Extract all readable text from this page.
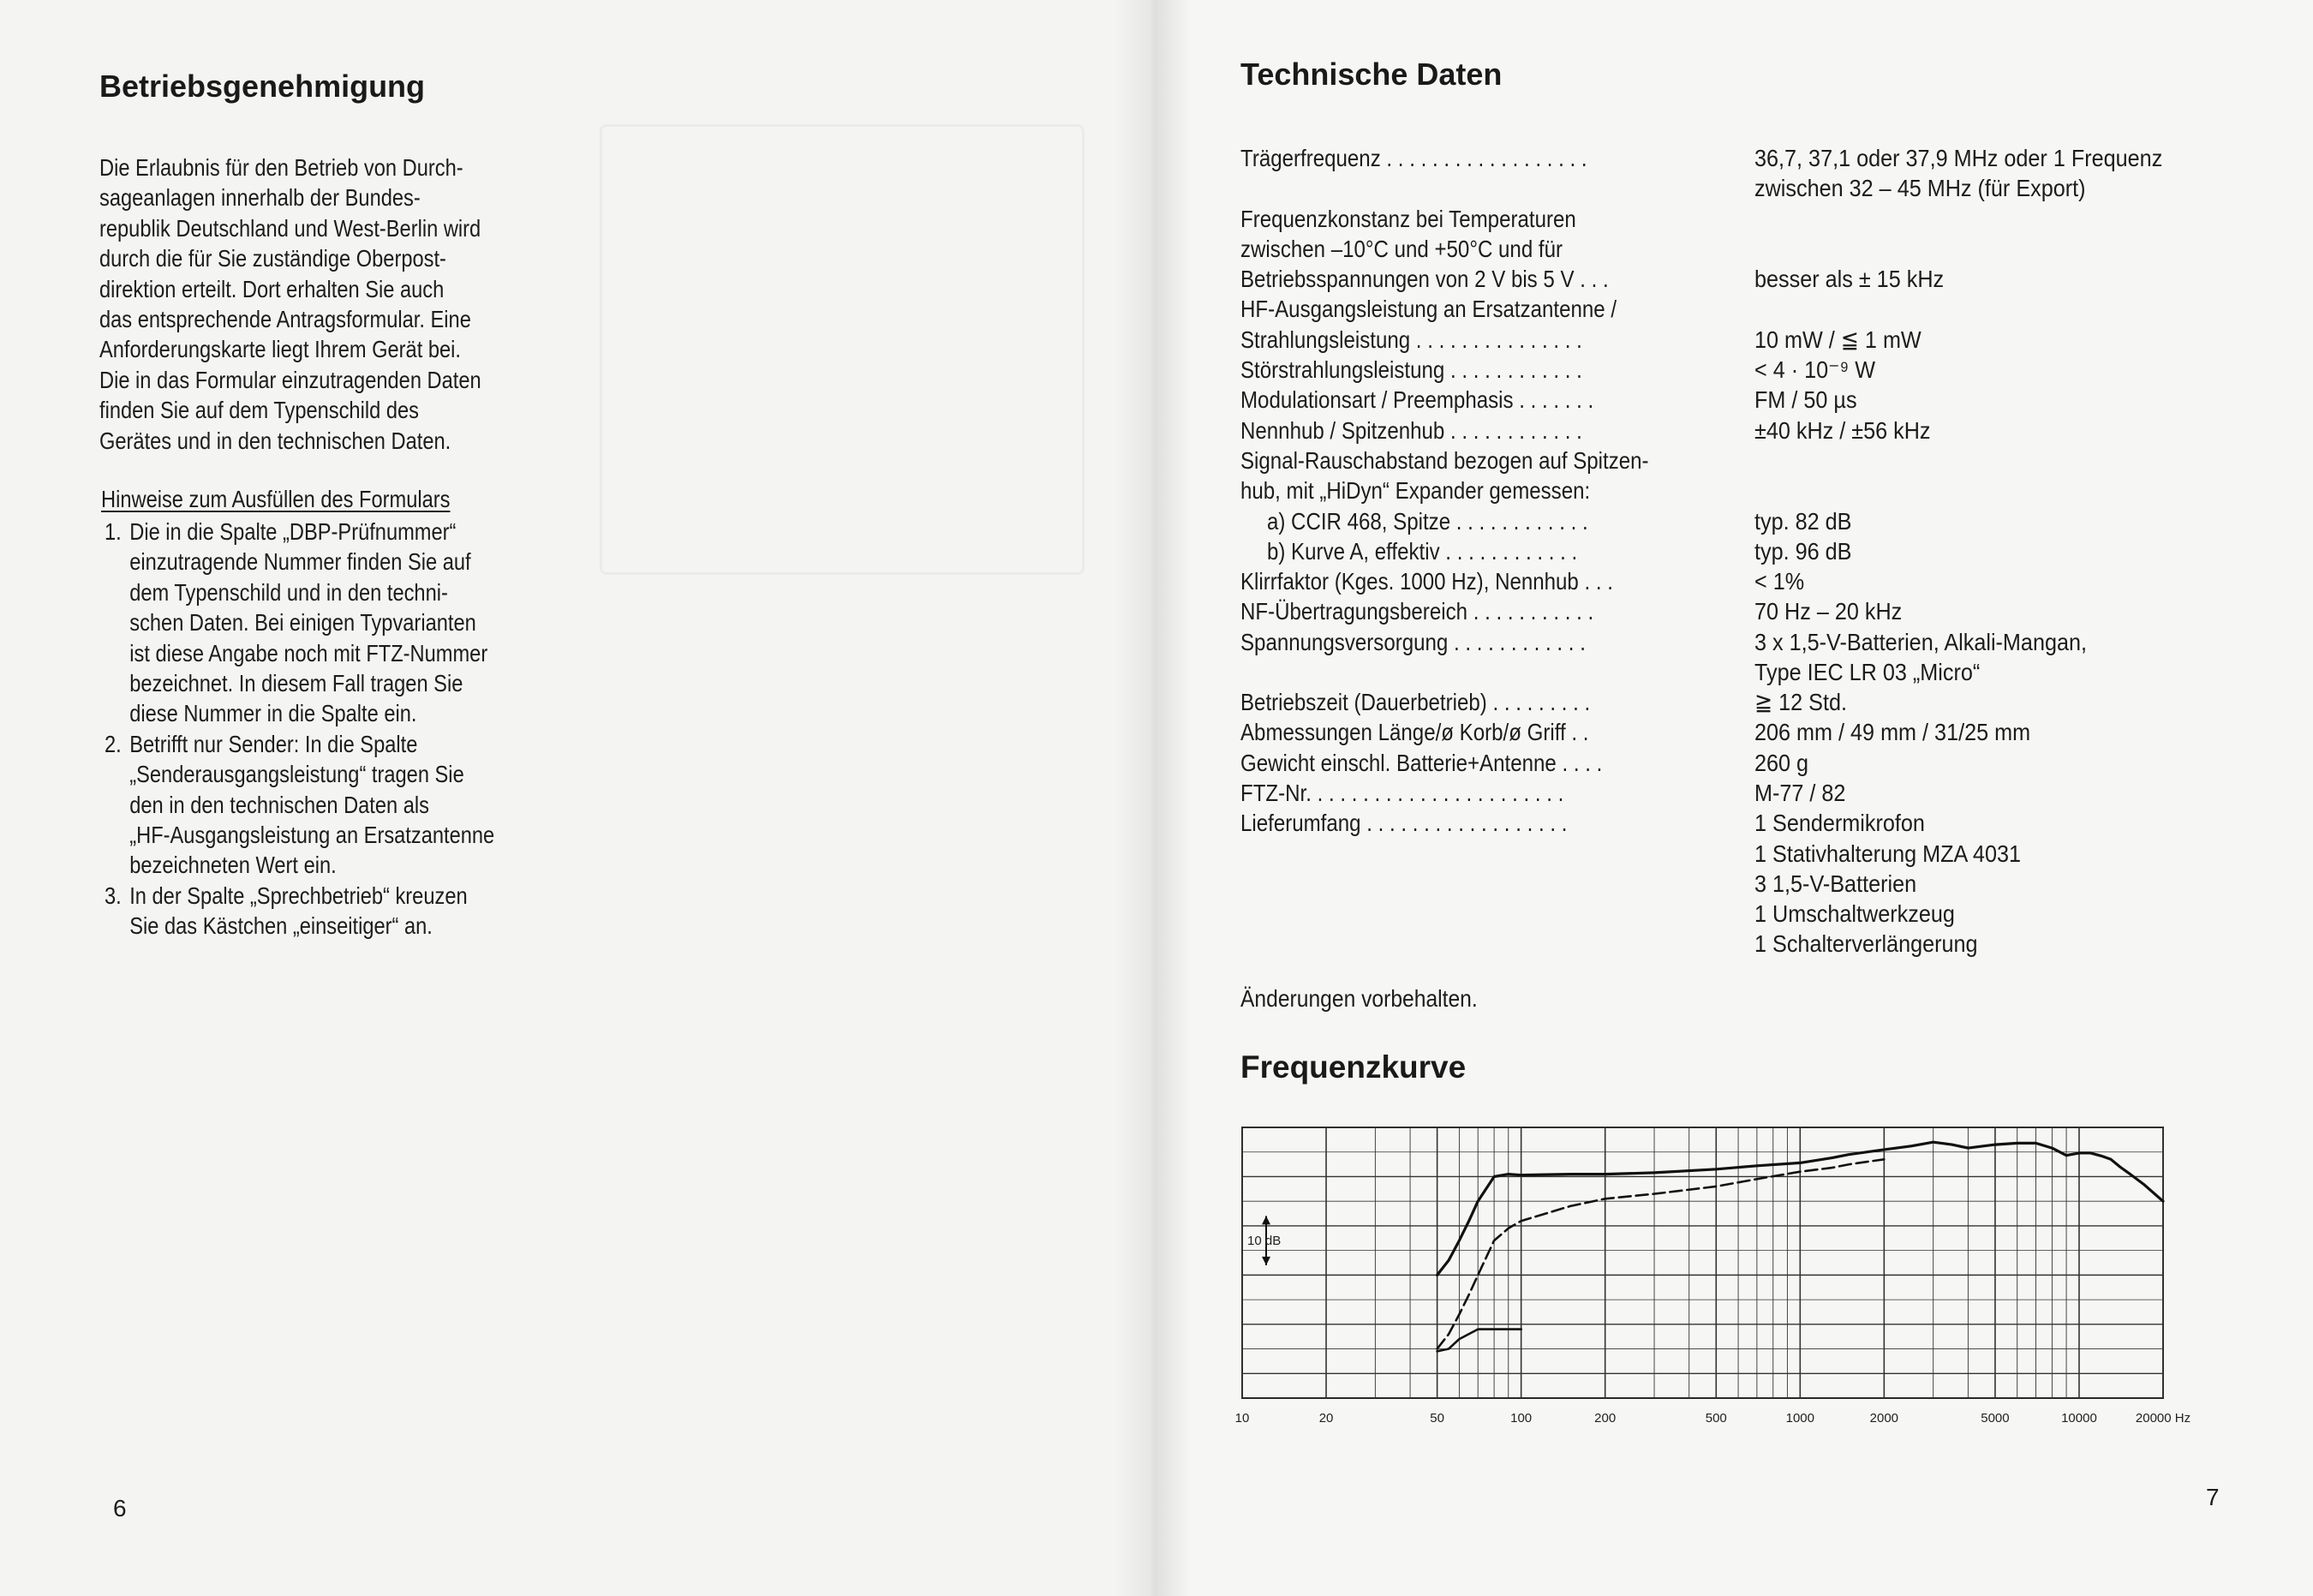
Betriebsgenehmigung
Die Erlaubnis für den Betrieb von Durch-
sageanlagen innerhalb der Bundes-
republik Deutschland und West-Berlin wird
durch die für Sie zuständige Oberpost-
direktion erteilt. Dort erhalten Sie auch
das entsprechende Antragsformular. Eine
Anforderungskarte liegt Ihrem Gerät bei.
Die in das Formular einzutragenden Daten
finden Sie auf dem Typenschild des
Gerätes und in den technischen Daten.
Hinweise zum Ausfüllen des Formulars
1. Die in die Spalte „DBP-Prüfnummer“
einzutragende Nummer finden Sie auf
dem Typenschild und in den techni-
schen Daten. Bei einigen Typvarianten
ist diese Angabe noch mit FTZ-Nummer
bezeichnet. In diesem Fall tragen Sie
diese Nummer in die Spalte ein.
2. Betrifft nur Sender: In die Spalte
„Senderausgangsleistung“ tragen Sie
den in den technischen Daten als
„HF-Ausgangsleistung an Ersatzantenne
bezeichneten Wert ein.
3. In der Spalte „Sprechbetrieb“ kreuzen
Sie das Kästchen „einseitiger“ an.
6
Technische Daten
7
Trägerfrequenz . . . . . . . . . . . . . . . . . .	36,7, 37,1 oder 37,9 MHz oder 1 Frequenz
zwischen 32 – 45 MHz (für Export)

Frequenzkonstanz bei Temperaturen
zwischen –10°C und +50°C und für
Betriebsspannungen von 2 V bis 5 V . . .

	besser als ± 15 kHz
HF-Ausgangsleistung an Ersatzantenne /
Strahlungsleistung . . . . . . . . . . . . . . .
	10 mW / ≦ 1 mW
Störstrahlungsleistung . . . . . . . . . . . .	< 4 · 10⁻⁹ W
Modulationsart / Preemphasis . . . . . . .	FM / 50 µs
Nennhub / Spitzenhub . . . . . . . . . . . .	±40 kHz / ±56 kHz
Signal-Rauschabstand bezogen auf Spitzen-
hub, mit „HiDyn“ Expander gemessen:

a) CCIR 468, Spitze . . . . . . . . . . . .	typ. 82 dB
b) Kurve A, effektiv . . . . . . . . . . . .	typ. 96 dB
Klirrfaktor (Kges. 1000 Hz), Nennhub . . .	< 1%
NF-Übertragungsbereich . . . . . . . . . . .	70 Hz – 20 kHz
Spannungsversorgung . . . . . . . . . . . .	3 x 1,5-V-Batterien, Alkali-Mangan,
Type IEC LR 03 „Micro“
Betriebszeit (Dauerbetrieb) . . . . . . . . .	≧ 12 Std.
Abmessungen Länge/ø Korb/ø Griff . .	206 mm / 49 mm / 31/25 mm
Gewicht einschl. Batterie+Antenne . . . .	260 g
FTZ-Nr. . . . . . . . . . . . . . . . . . . . . . .	M-77 / 82
Lieferumfang . . . . . . . . . . . . . . . . . .	1 Sendermikrofon
1 Stativhalterung MZA 4031
3 1,5-V-Batterien
1 Umschaltwerkzeug
1 Schalterverlängerung
Änderungen vorbehalten.
Frequenzkurve
10 dB
10	20	50	100	200	500	1000	2000	5000	10000	20000 Hz
